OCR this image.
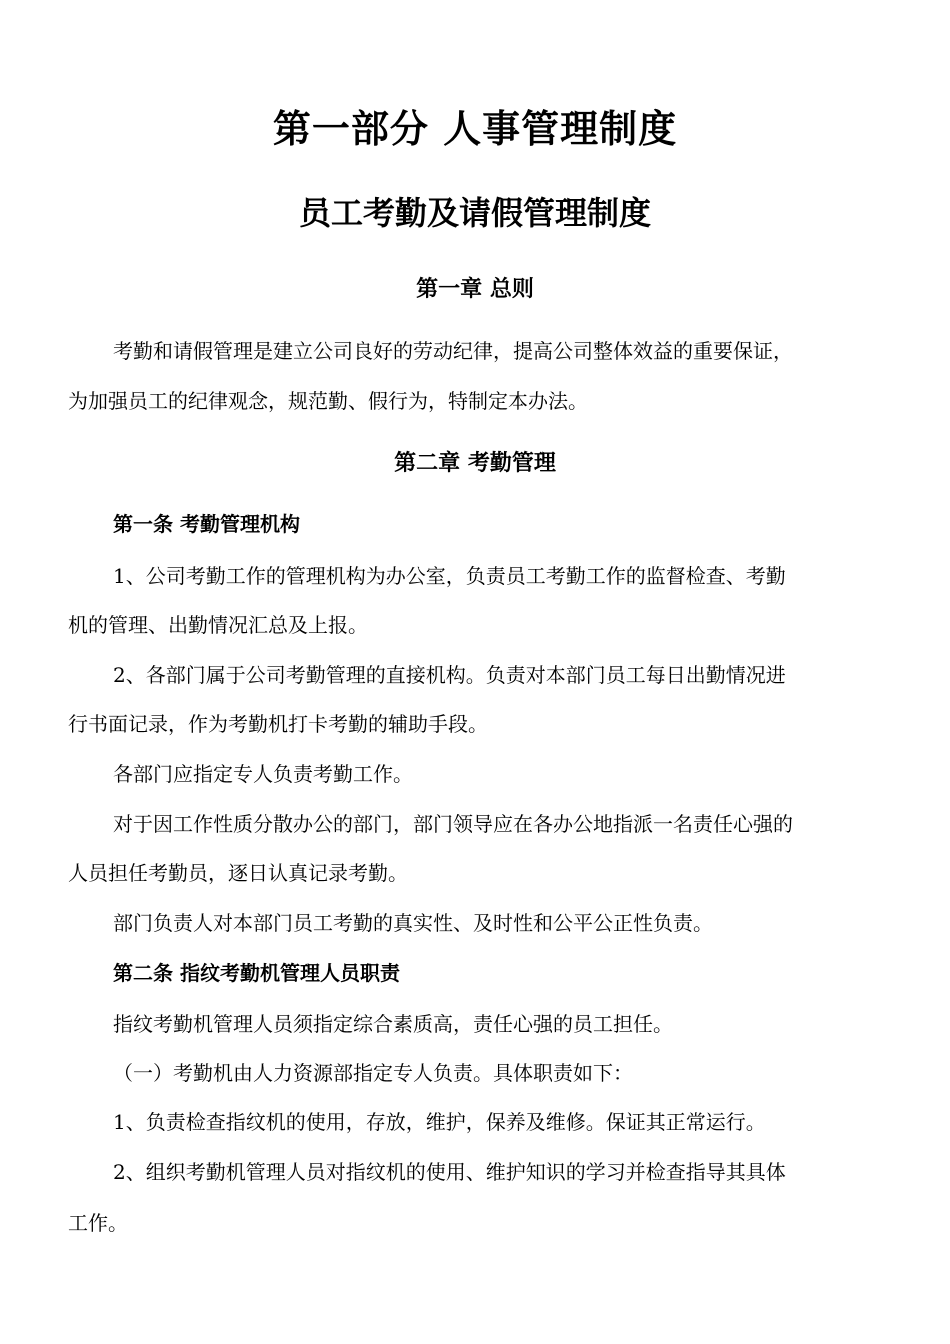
第一部分 人事管理制度
员工考勤及请假管理制度
第一章 总则
考勤和请假管理是建立公司良好的劳动纪律，提高公司整体效益的重要保证，
为加强员工的纪律观念，规范勤、假行为，特制定本办法。
第二章 考勤管理
第一条 考勤管理机构
1、公司考勤工作的管理机构为办公室，负责员工考勤工作的监督检查、考勤
机的管理、出勤情况汇总及上报。
2、各部门属于公司考勤管理的直接机构。负责对本部门员工每日出勤情况进
行书面记录，作为考勤机打卡考勤的辅助手段。
各部门应指定专人负责考勤工作。
对于因工作性质分散办公的部门，部门领导应在各办公地指派一名责任心强的
人员担任考勤员，逐日认真记录考勤。
部门负责人对本部门员工考勤的真实性、及时性和公平公正性负责。
第二条 指纹考勤机管理人员职责
指纹考勤机管理人员须指定综合素质高，责任心强的员工担任。
（一）考勤机由人力资源部指定专人负责。具体职责如下：
1、负责检查指纹机的使用，存放，维护，保养及维修。保证其正常运行。
2、组织考勤机管理人员对指纹机的使用、维护知识的学习并检查指导其具体
工作。
